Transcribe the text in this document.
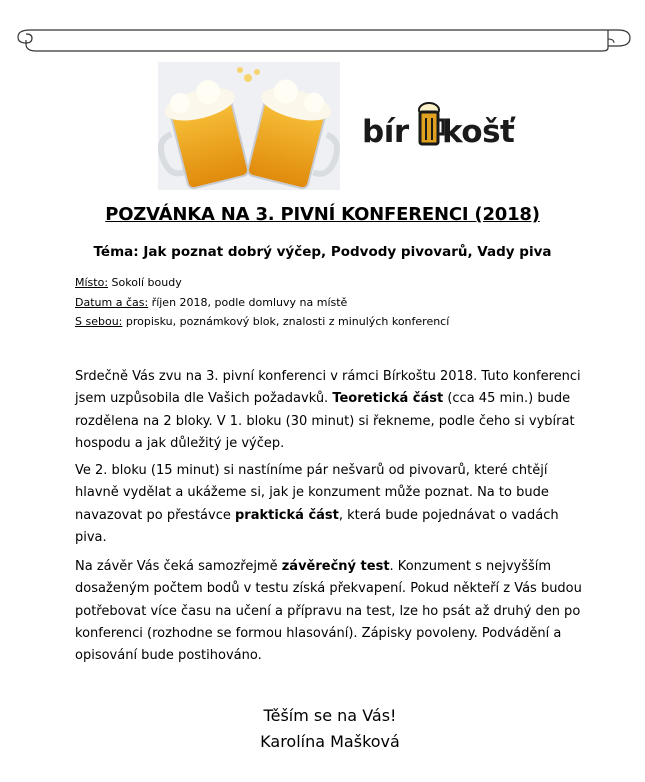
bír košť
POZVÁNKA NA 3. PIVNÍ KONFERENCI (2018)
Téma: Jak poznat dobrý výčep, Podvody pivovarů, Vady piva
Místo: Sokolí boudy
Datum a čas: říjen 2018, podle domluvy na místě
S sebou: propisku, poznámkový blok, znalosti z minulých konferencí

Srdečně Vás zvu na 3. pivní konferenci v rámci Bírkoštu 2018. Tuto konferenci jsem uzpůsobila dle Vašich požadavků. Teoretická část (cca 45 min.) bude rozdělena na 2 bloky. V 1. bloku (30 minut) si řekneme, podle čeho si vybírat hospodu a jak důležitý je výčep.

Ve 2. bloku (15 minut) si nastíníme pár nešvarů od pivovarů, které chtějí hlavně vydělat a ukážeme si, jak je konzument může poznat. Na to bude navazovat po přestávce praktická část, která bude pojednávat o vadách piva.

Na závěr Vás čeká samozřejmě závěrečný test. Konzument s nejvyšším dosaženým počtem bodů v testu získá překvapení. Pokud někteří z Vás budou potřebovat více času na učení a přípravu na test, lze ho psát až druhý den po konferenci (rozhodne se formou hlasování). Zápisky povoleny. Podvádění a opisování bude postihováno.

Těším se na Vás!
Karolína Mašková
